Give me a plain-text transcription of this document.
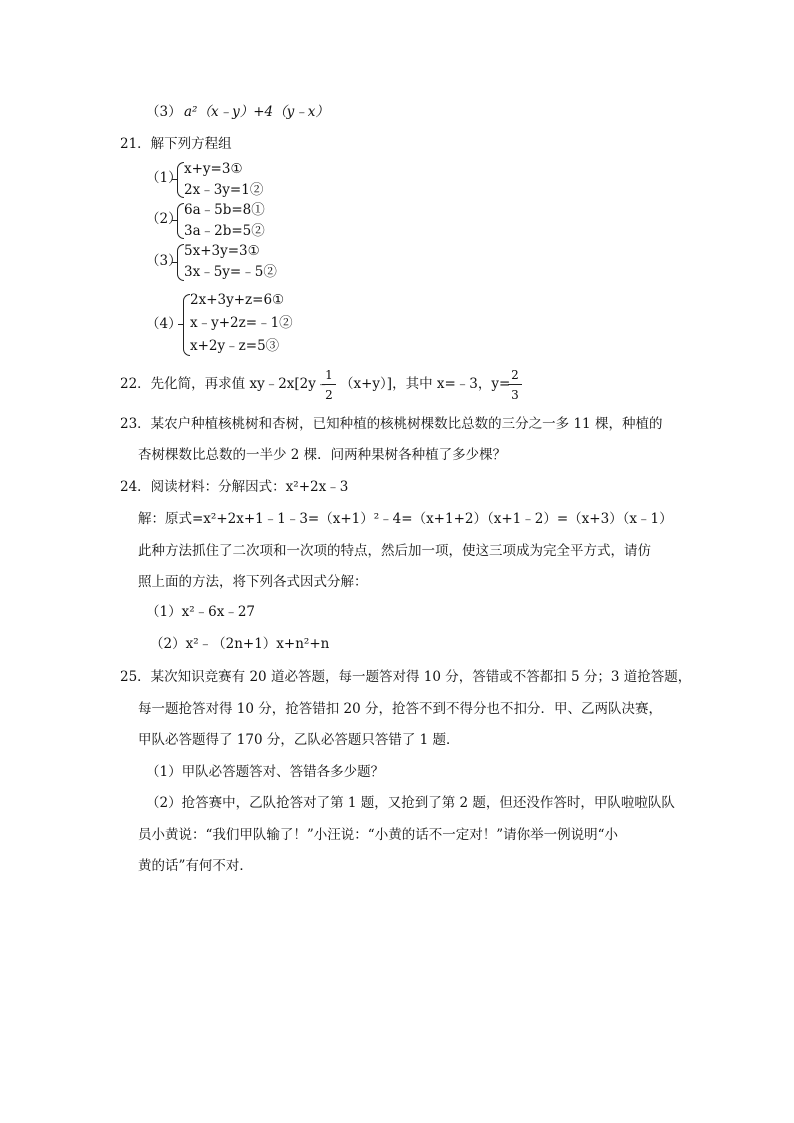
（3） a²（x﹣y）+4（y﹣x）
21．解下列方程组
（1）
x+y=3①
2x﹣3y=1②
（2）
6a﹣5b=8①
3a﹣2b=5②
（3）
5x+3y=3①
3x﹣5y=﹣5②
（4）
2x+3y+z=6①
x﹣y+2z=﹣1②
x+2y﹣z=5③
22．先化简，再求值 xy﹣2x[2y﹣
1
2
（x+y）]，其中 x=﹣3，y=
2
3
23．某农户种植核桃树和杏树，已知种植的核桃树棵数比总数的三分之一多 11 棵，种植的
杏树棵数比总数的一半少 2 棵．问两种果树各种植了多少棵？
24．阅读材料：分解因式：x²+2x﹣3
解：原式=x²+2x+1﹣1﹣3=（x+1）²﹣4=（x+1+2）（x+1﹣2）=（x+3）（x﹣1）
此种方法抓住了二次项和一次项的特点，然后加一项，使这三项成为完全平方式，请仿
照上面的方法，将下列各式因式分解：
（1）x²﹣6x﹣27
（2）x²﹣（2n+1）x+n²+n
25．某次知识竞赛有 20 道必答题，每一题答对得 10 分，答错或不答都扣 5 分；3 道抢答题，
每一题抢答对得 10 分，抢答错扣 20 分，抢答不到不得分也不扣分．甲、乙两队决赛，
甲队必答题得了 170 分，乙队必答题只答错了 1 题．
（1）甲队必答题答对、答错各多少题？
（2）抢答赛中，乙队抢答对了第 1 题，又抢到了第 2 题，但还没作答时，甲队啦啦队队
员小黄说：“我们甲队输了！”小汪说：“小黄的话不一定对！”请你举一例说明“小
黄的话”有何不对．
